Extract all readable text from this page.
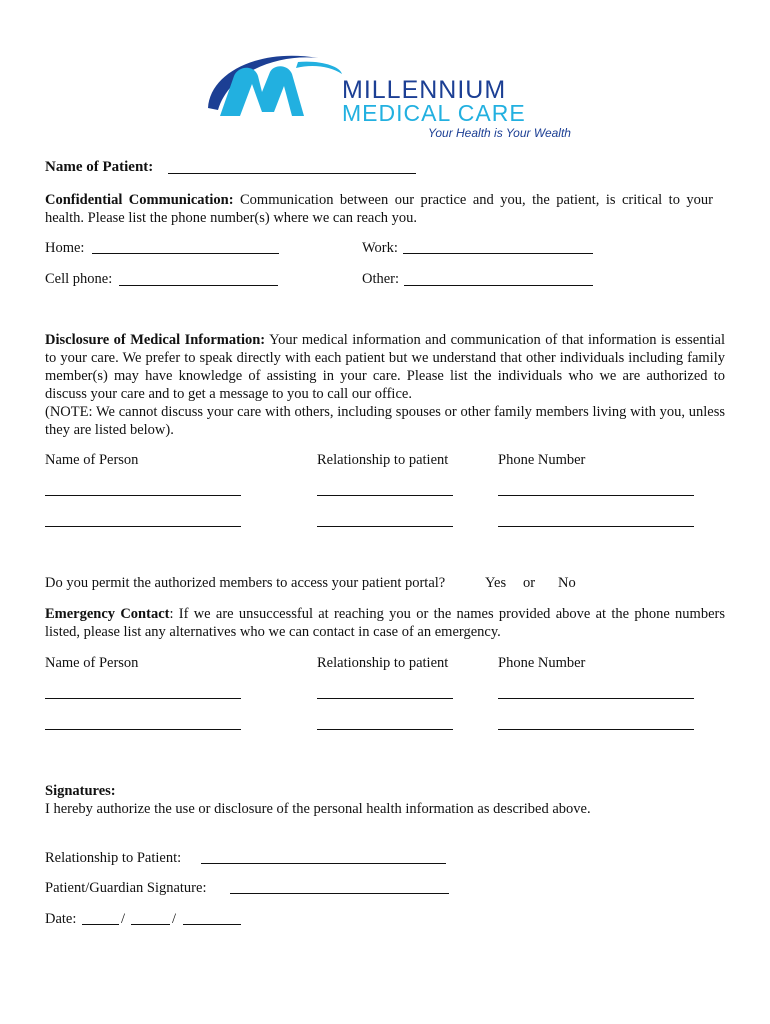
MILLENNIUM
MEDICAL CARE
Your Health is Your Wealth
Name of Patient:
Confidential Communication: Communication between our practice and you, the patient, is critical to your health. Please list the phone number(s) where we can reach you.
Home:	Work:
Cell phone:	Other:
Disclosure of Medical Information: Your medical information and communication of that information is essential to your care. We prefer to speak directly with each patient but we understand that other individuals including family member(s) may have knowledge of assisting in your care. Please list the individuals who we are authorized to discuss your care and to get a message to you to call our office.
(NOTE: We cannot discuss your care with others, including spouses or other family members living with you, unless they are listed below).
Name of Person	Relationship to patient	Phone Number
Do you permit the authorized members to access your patient portal?	Yes or No
Emergency Contact: If we are unsuccessful at reaching you or the names provided above at the phone numbers listed, please list any alternatives who we can contact in case of an emergency.
Name of Person	Relationship to patient	Phone Number
Signatures:
I hereby authorize the use or disclosure of the personal health information as described above.
Relationship to Patient:
Patient/Guardian Signature:
Date:	/	/
